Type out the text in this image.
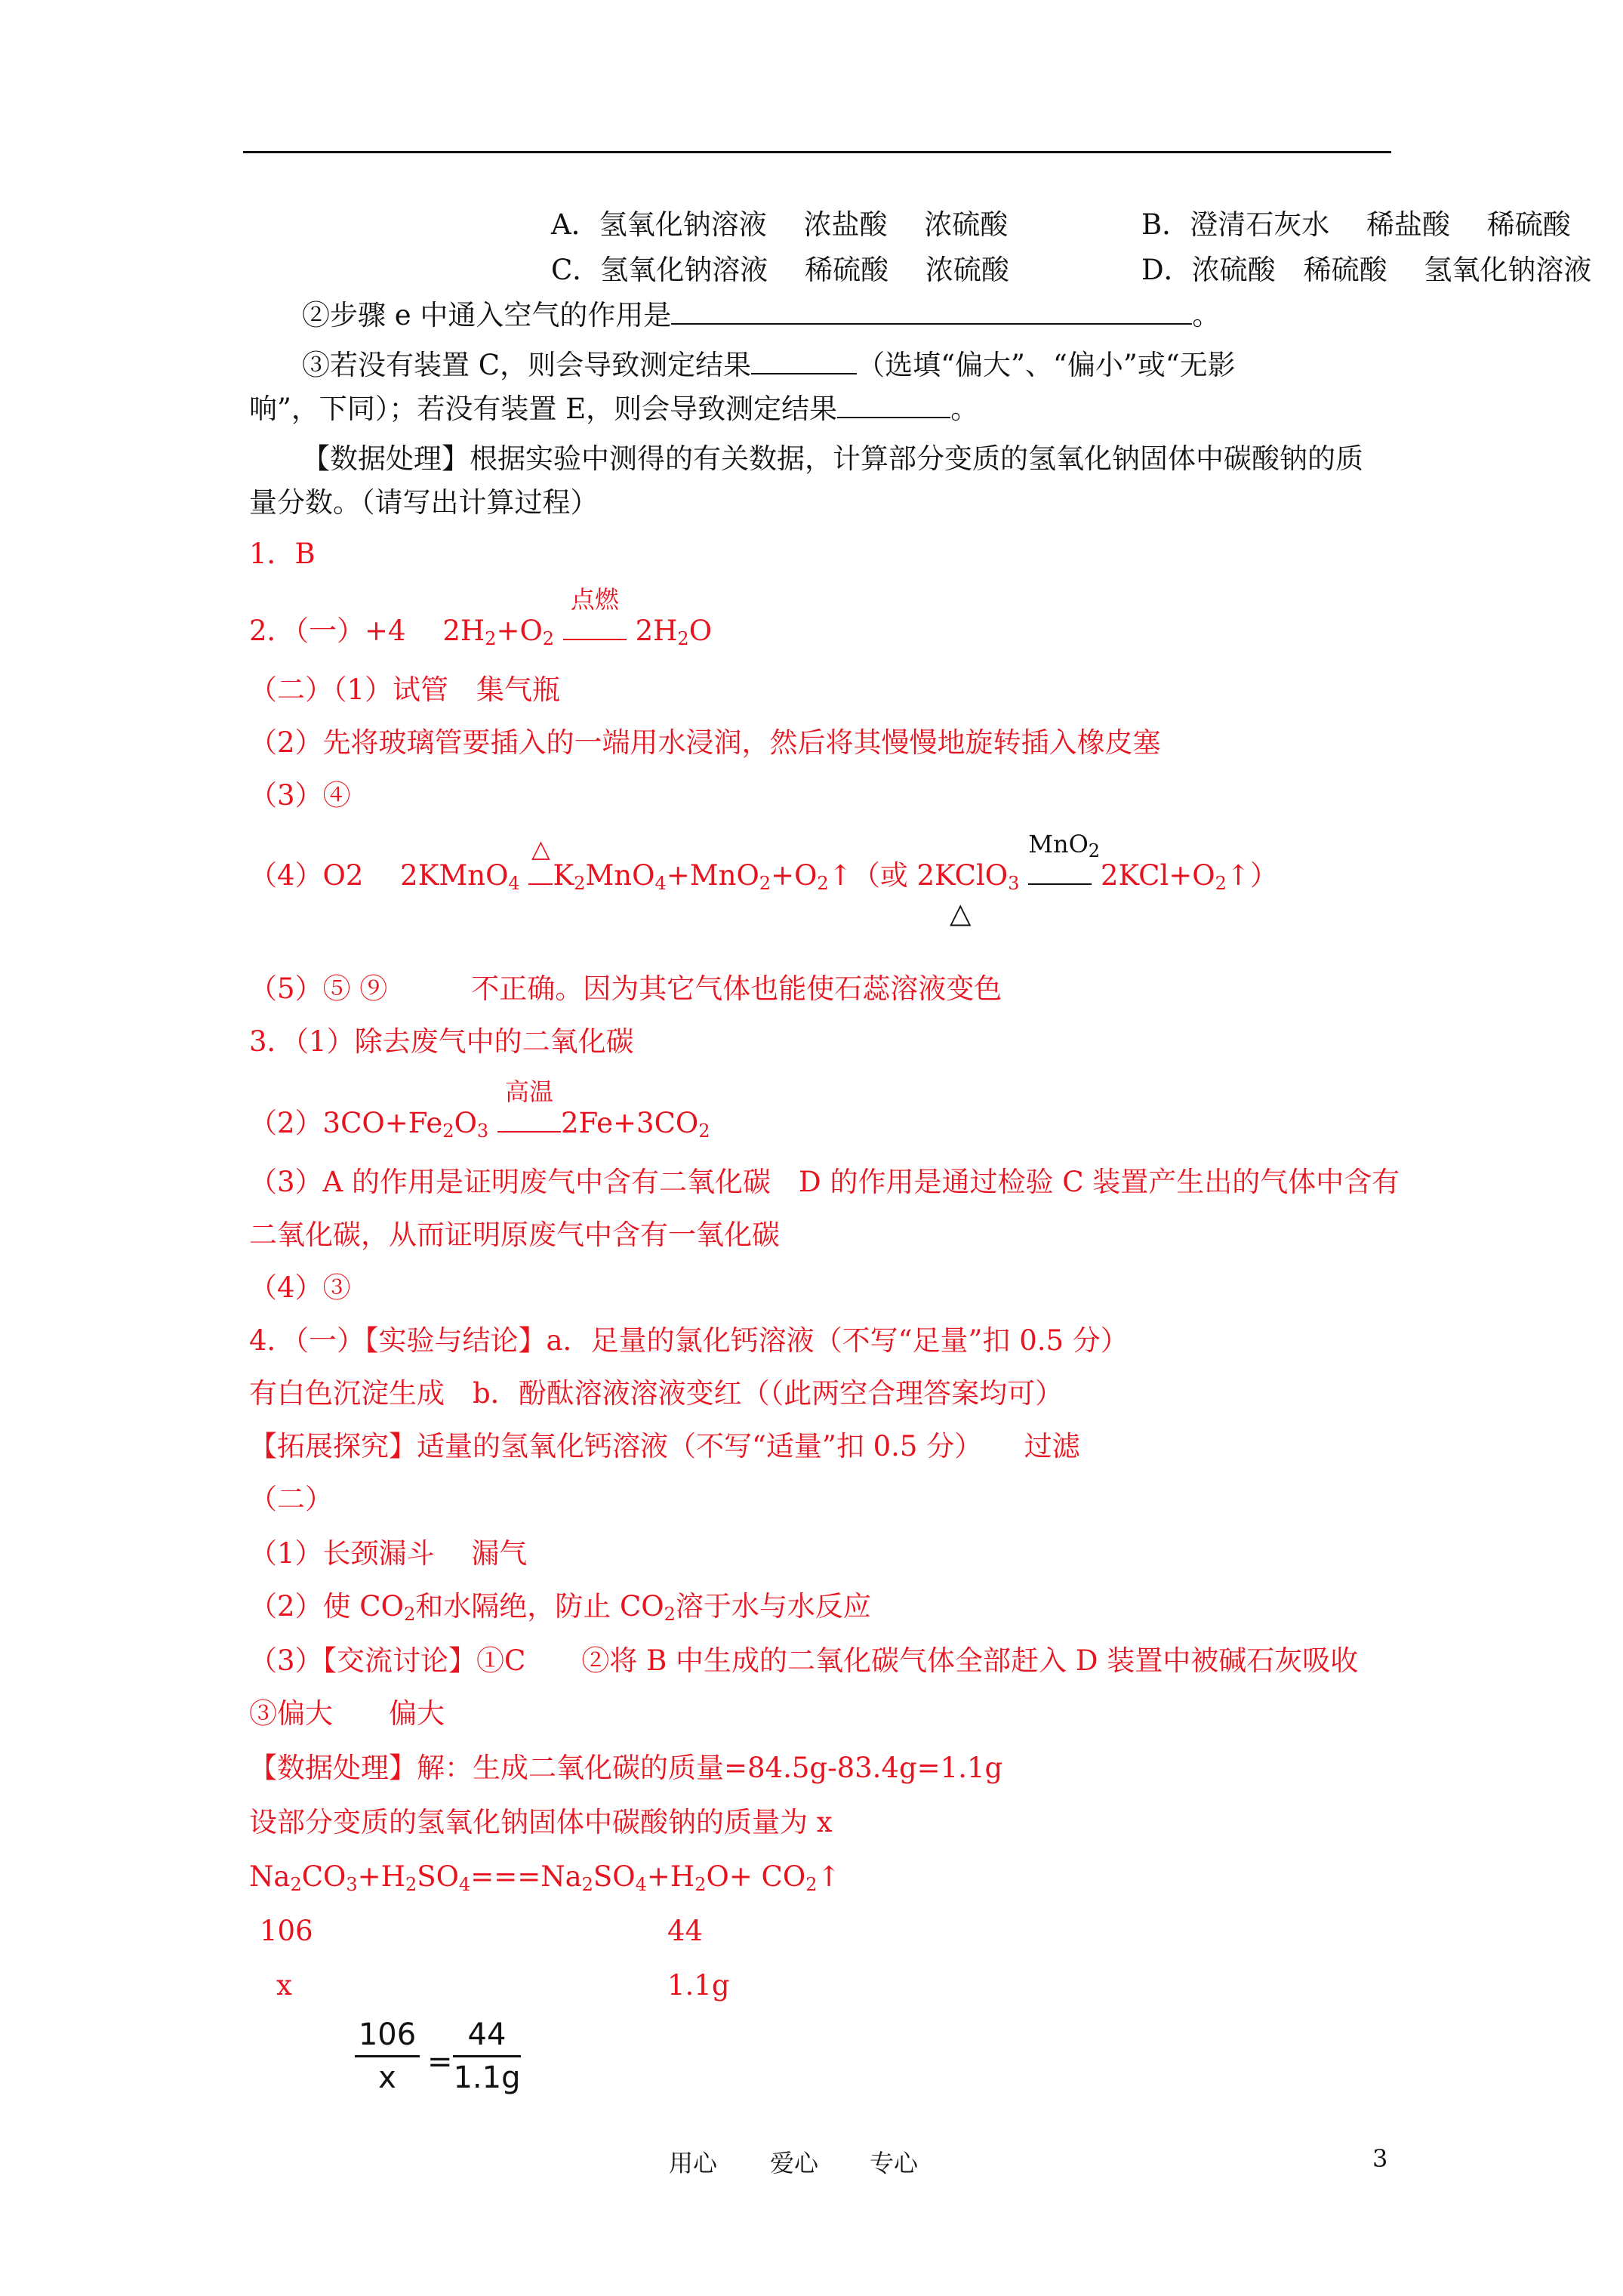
A．氢氧化钠溶液　 浓盐酸　 浓硫酸	B．澄清石灰水　 稀盐酸　 稀硫酸
C．氢氧化钠溶液　 稀硫酸　 浓硫酸	D．浓硫酸　稀硫酸　 氢氧化钠溶液
②步骤 e 中通入空气的作用是	。
③若没有装置 C，则会导致测定结果	（选填“偏大”、“偏小”或“无影
响”，下同）；若没有装置 E，则会导致测定结果	。
【数据处理】根据实验中测得的有关数据，计算部分变质的氢氧化钠固体中碳酸钠的质
量分数。（请写出计算过程）
1．B
2．（一）+4　 $2H_2+O_2$
点燃
$2H_2O$
（二）（1）试管　集气瓶
（2）先将玻璃管要插入的一端用水浸润，然后将其慢慢地旋转插入橡皮塞
（3）④
（4）O2　 2KMnO$_4$
△
$K_2MnO_4+MnO_2+O_2↑$（或 2KClO$_3$
MnO$_2$
$2KCl+O_2↑$）
△
（5）⑤ ⑨　　　不正确。因为其它气体也能使石蕊溶液变色
3．（1）除去废气中的二氧化碳
$(2)3CO+Fe_2O_3$
高温
$2Fe+3CO_2$
（3）A 的作用是证明废气中含有二氧化碳　D 的作用是通过检验 C 装置产生出的气体中含有
二氧化碳，从而证明原废气中含有一氧化碳
（4）③
4．（一）【实验与结论】a．足量的氯化钙溶液（不写“足量”扣 0.5 分）
有白色沉淀生成　b．酚酞溶液溶液变红（（此两空合理答案均可）
【拓展探究】适量的氢氧化钙溶液（不写“适量”扣 0.5 分）　　过滤
（二）
（1）长颈漏斗　 漏气
（2）使 $CO_2$和水隔绝，防止 $CO_2$溶于水与水反应
（3）【交流讨论】①C　　②将 B 中生成的二氧化碳气体全部赶入 D 装置中被碱石灰吸收
③偏大　　偏大
【数据处理】解：生成二氧化碳的质量=84.5g-83.4g=1.1g
设部分变质的氢氧化钠固体中碳酸钠的质量为 x
$Na_2CO_3+H_2SO_4===Na_2SO_4+H_2O+$ $CO_2↑$
106	44
x	1.1g
106
x	=
44
1.1g
用心 爱心 专心	3
